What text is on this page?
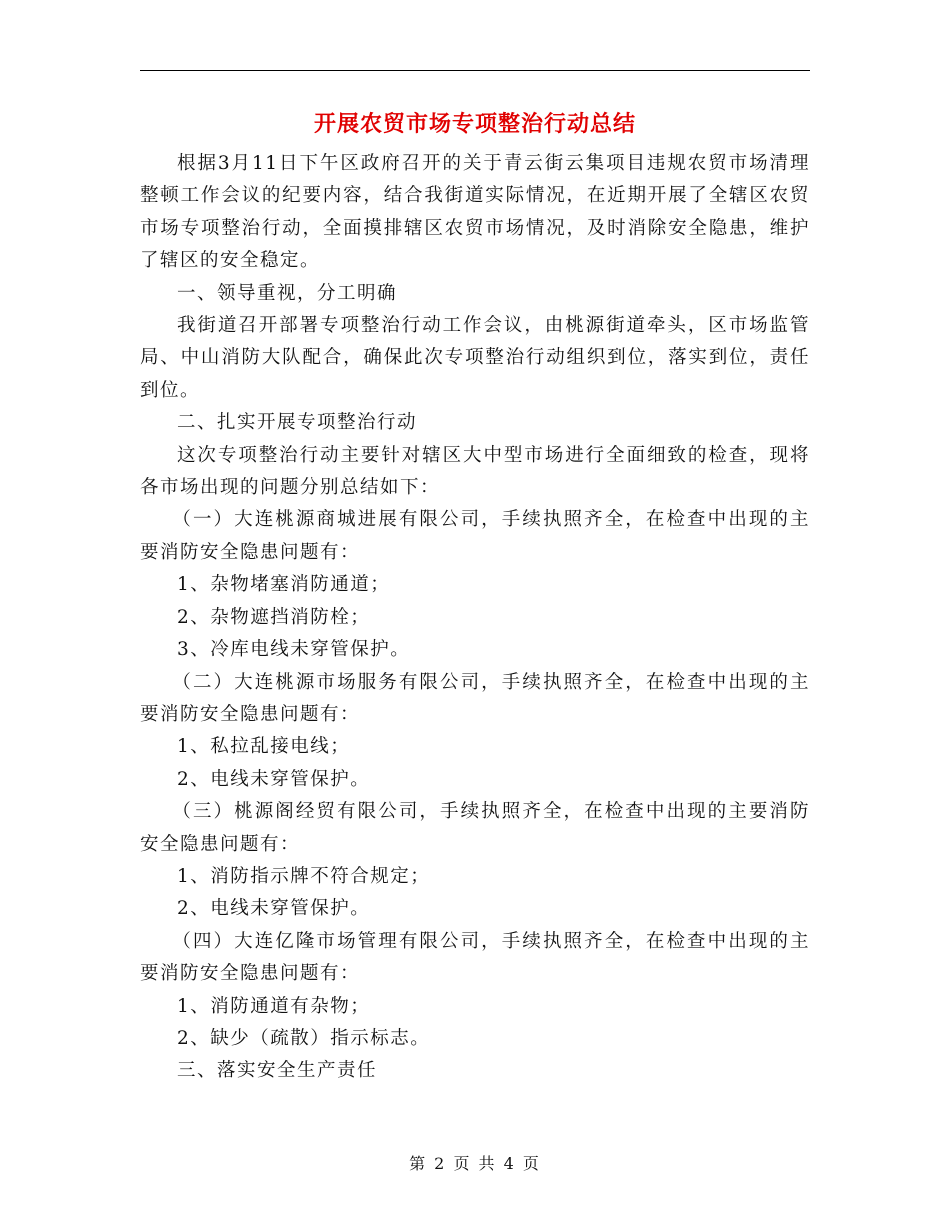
开展农贸市场专项整治行动总结

根据3月11日下午区政府召开的关于青云街云集项目违规农贸市场清理整顿工作会议的纪要内容，结合我街道实际情况，在近期开展了全辖区农贸市场专项整治行动，全面摸排辖区农贸市场情况，及时消除安全隐患，维护了辖区的安全稳定。

一、领导重视，分工明确

我街道召开部署专项整治行动工作会议，由桃源街道牵头，区市场监管局、中山消防大队配合，确保此次专项整治行动组织到位，落实到位，责任到位。

二、扎实开展专项整治行动

这次专项整治行动主要针对辖区大中型市场进行全面细致的检查，现将各市场出现的问题分别总结如下：

（一）大连桃源商城进展有限公司，手续执照齐全，在检查中出现的主要消防安全隐患问题有：

1、杂物堵塞消防通道；

2、杂物遮挡消防栓；

3、冷库电线未穿管保护。

（二）大连桃源市场服务有限公司，手续执照齐全，在检查中出现的主要消防安全隐患问题有：

1、私拉乱接电线；

2、电线未穿管保护。

（三）桃源阁经贸有限公司，手续执照齐全，在检查中出现的主要消防安全隐患问题有：

1、消防指示牌不符合规定；

2、电线未穿管保护。

（四）大连亿隆市场管理有限公司，手续执照齐全，在检查中出现的主要消防安全隐患问题有：

1、消防通道有杂物；

2、缺少（疏散）指示标志。

三、落实安全生产责任

第 2 页 共 4 页
